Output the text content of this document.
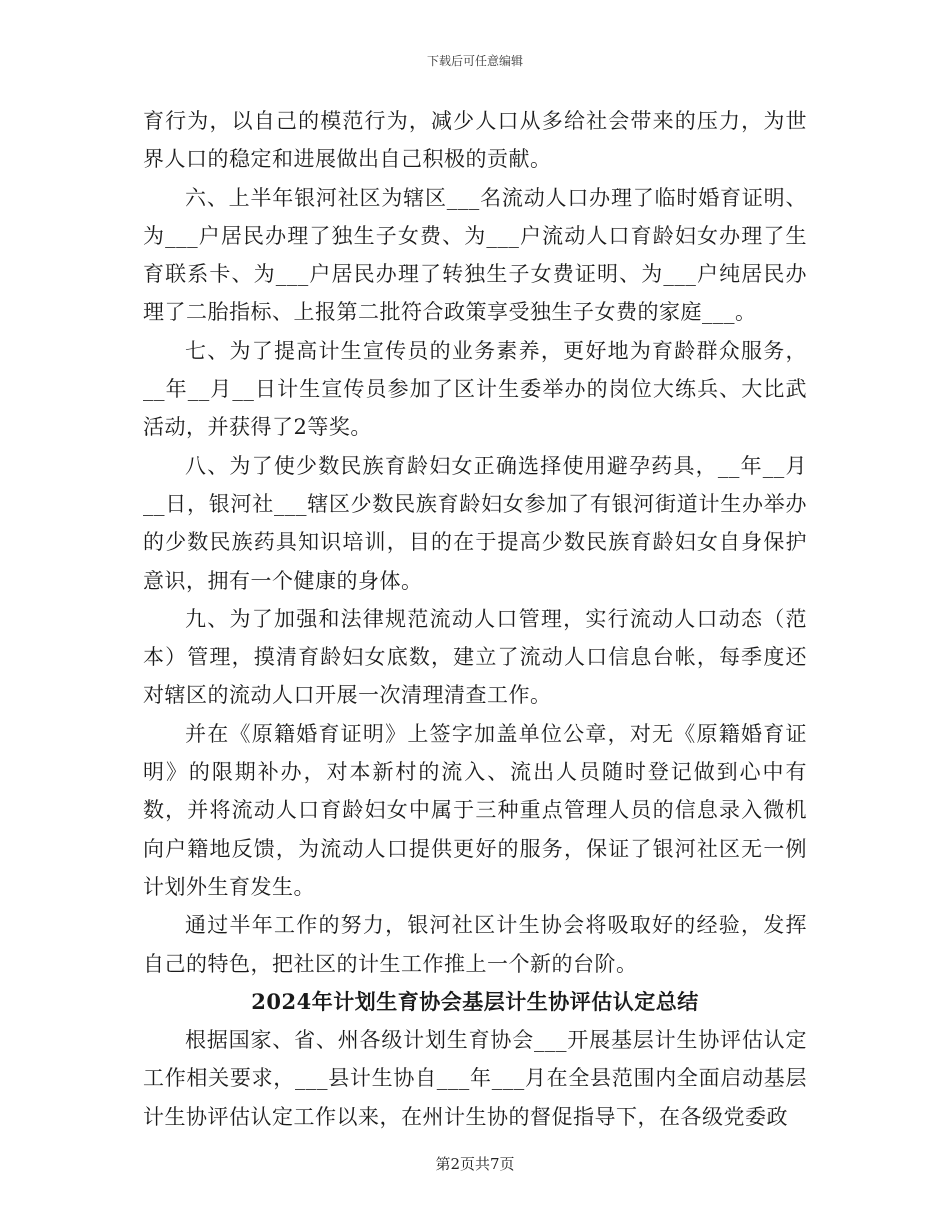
下载后可任意编辑

育行为，以自己的模范行为，减少人口从多给社会带来的压力，为世界人口的稳定和进展做出自己积极的贡献。

六、上半年银河社区为辖区___名流动人口办理了临时婚育证明、为___户居民办理了独生子女费、为___户流动人口育龄妇女办理了生育联系卡、为___户居民办理了转独生子女费证明、为___户纯居民办理了二胎指标、上报第二批符合政策享受独生子女费的家庭___。

七、为了提高计生宣传员的业务素养，更好地为育龄群众服务，__年__月__日计生宣传员参加了区计生委举办的岗位大练兵、大比武活动，并获得了2等奖。

八、为了使少数民族育龄妇女正确选择使用避孕药具，__年__月__日，银河社___辖区少数民族育龄妇女参加了有银河街道计生办举办的少数民族药具知识培训，目的在于提高少数民族育龄妇女自身保护意识，拥有一个健康的身体。

九、为了加强和法律规范流动人口管理，实行流动人口动态（范本）管理，摸清育龄妇女底数，建立了流动人口信息台帐，每季度还对辖区的流动人口开展一次清理清查工作。

并在《原籍婚育证明》上签字加盖单位公章，对无《原籍婚育证明》的限期补办，对本新村的流入、流出人员随时登记做到心中有数，并将流动人口育龄妇女中属于三种重点管理人员的信息录入微机向户籍地反馈，为流动人口提供更好的服务，保证了银河社区无一例计划外生育发生。

通过半年工作的努力，银河社区计生协会将吸取好的经验，发挥自己的特色，把社区的计生工作推上一个新的台阶。

2024年计划生育协会基层计生协评估认定总结

根据国家、省、州各级计划生育协会___开展基层计生协评估认定工作相关要求，___县计生协自___年___月在全县范围内全面启动基层计生协评估认定工作以来，在州计生协的督促指导下，在各级党委政

第2页共7页
